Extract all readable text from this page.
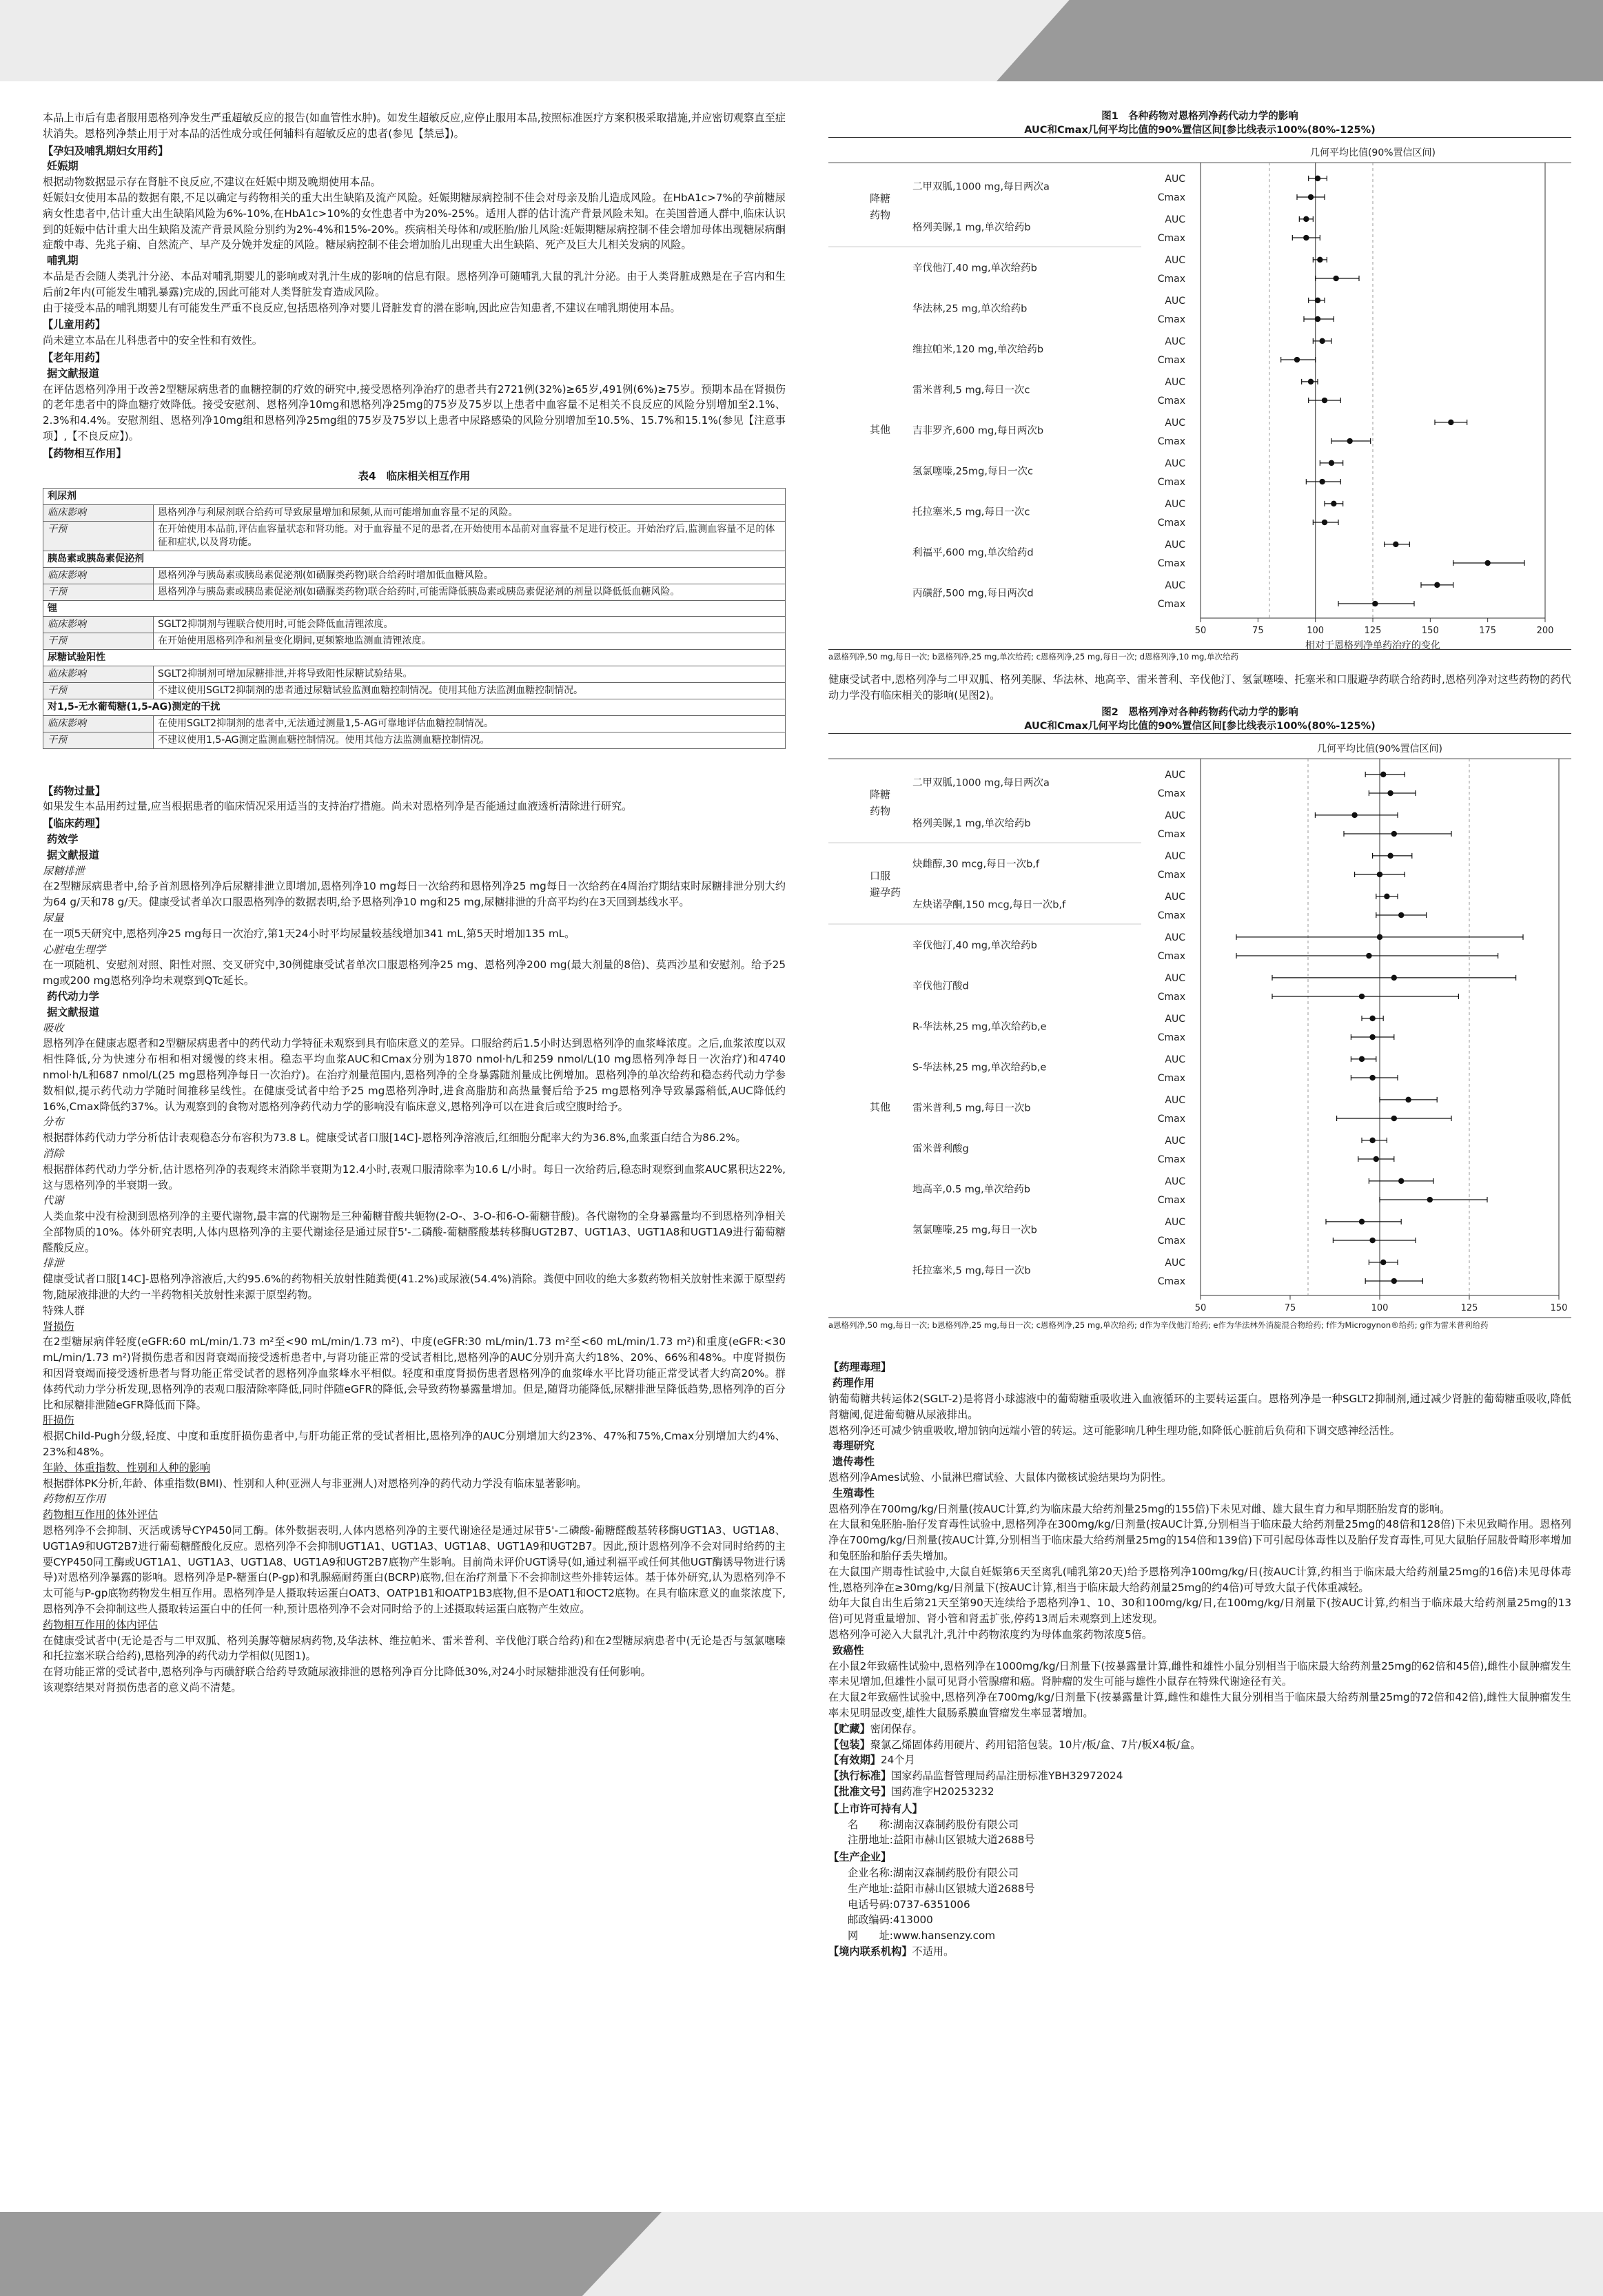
本品上市后有患者服用恩格列净发生严重超敏反应的报告(如血管性水肿)。如发生超敏反应,应停止服用本品,按照标准医疗方案积极采取措施,并应密切观察直至症状消失。恩格列净禁止用于对本品的活性成分或任何辅料有超敏反应的患者(参见【禁忌】)。

【孕妇及哺乳期妇女用药】

妊娠期

根据动物数据显示存在肾脏不良反应,不建议在妊娠中期及晚期使用本品。

妊娠妇女使用本品的数据有限,不足以确定与药物相关的重大出生缺陷及流产风险。妊娠期糖尿病控制不佳会对母亲及胎儿造成风险。在HbA1c>7%的孕前糖尿病女性患者中,估计重大出生缺陷风险为6%-10%,在HbA1c>10%的女性患者中为20%-25%。适用人群的估计流产背景风险未知。在美国普通人群中,临床认识到的妊娠中估计重大出生缺陷及流产背景风险分别约为2%-4%和15%-20%。疾病相关母体和/或胚胎/胎儿风险:妊娠期糖尿病控制不佳会增加母体出现糖尿病酮症酸中毒、先兆子痫、自然流产、早产及分娩并发症的风险。糖尿病控制不佳会增加胎儿出现重大出生缺陷、死产及巨大儿相关发病的风险。

哺乳期

本品是否会随人类乳汁分泌、本品对哺乳期婴儿的影响或对乳汁生成的影响的信息有限。恩格列净可随哺乳大鼠的乳汁分泌。由于人类肾脏成熟是在子宫内和生后前2年内(可能发生哺乳暴露)完成的,因此可能对人类肾脏发育造成风险。

由于接受本品的哺乳期婴儿有可能发生严重不良反应,包括恩格列净对婴儿肾脏发育的潜在影响,因此应告知患者,不建议在哺乳期使用本品。

【儿童用药】

尚未建立本品在儿科患者中的安全性和有效性。

【老年用药】

据文献报道

在评估恩格列净用于改善2型糖尿病患者的血糖控制的疗效的研究中,接受恩格列净治疗的患者共有2721例(32%)≥65岁,491例(6%)≥75岁。预期本品在肾损伤的老年患者中的降血糖疗效降低。接受安慰剂、恩格列净10mg和恩格列净25mg的75岁及75岁以上患者中血容量不足相关不良反应的风险分别增加至2.1%、2.3%和4.4%。安慰剂组、恩格列净10mg组和恩格列净25mg组的75岁及75岁以上患者中尿路感染的风险分别增加至10.5%、15.7%和15.1%(参见【注意事项】,【不良反应】)。

【药物相互作用】

表4　临床相关相互作用

利尿剂	
临床影响	恩格列净与利尿剂联合给药可导致尿量增加和尿频,从而可能增加血容量不足的风险。
干预	在开始使用本品前,评估血容量状态和肾功能。对于血容量不足的患者,在开始使用本品前对血容量不足进行校正。开始治疗后,监测血容量不足的体征和症状,以及肾功能。
胰岛素或胰岛素促泌剂	
临床影响	恩格列净与胰岛素或胰岛素促泌剂(如磺脲类药物)联合给药时增加低血糖风险。
干预	恩格列净与胰岛素或胰岛素促泌剂(如磺脲类药物)联合给药时,可能需降低胰岛素或胰岛素促泌剂的剂量以降低低血糖风险。
锂	
临床影响	SGLT2抑制剂与锂联合使用时,可能会降低血清锂浓度。
干预	在开始使用恩格列净和剂量变化期间,更频繁地监测血清锂浓度。
尿糖试验阳性	
临床影响	SGLT2抑制剂可增加尿糖排泄,并将导致阳性尿糖试验结果。
干预	不建议使用SGLT2抑制剂的患者通过尿糖试验监测血糖控制情况。使用其他方法监测血糖控制情况。
对1,5-无水葡萄糖(1,5-AG)测定的干扰	
临床影响	在使用SGLT2抑制剂的患者中,无法通过测量1,5-AG可靠地评估血糖控制情况。
干预	不建议使用1,5-AG测定监测血糖控制情况。使用其他方法监测血糖控制情况。

【药物过量】

如果发生本品用药过量,应当根据患者的临床情况采用适当的支持治疗措施。尚未对恩格列净是否能通过血液透析清除进行研究。

【临床药理】

药效学

据文献报道

尿糖排泄

在2型糖尿病患者中,给予首剂恩格列净后尿糖排泄立即增加,恩格列净10 mg每日一次给药和恩格列净25 mg每日一次给药在4周治疗期结束时尿糖排泄分别大约为64 g/天和78 g/天。健康受试者单次口服恩格列净的数据表明,给予恩格列净10 mg和25 mg,尿糖排泄的升高平均约在3天回到基线水平。

尿量

在一项5天研究中,恩格列净25 mg每日一次治疗,第1天24小时平均尿量较基线增加341 mL,第5天时增加135 mL。

心脏电生理学

在一项随机、安慰剂对照、阳性对照、交叉研究中,30例健康受试者单次口服恩格列净25 mg、恩格列净200 mg(最大剂量的8倍)、莫西沙星和安慰剂。给予25 mg或200 mg恩格列净均未观察到QTc延长。

药代动力学

据文献报道

吸收

恩格列净在健康志愿者和2型糖尿病患者中的药代动力学特征未观察到具有临床意义的差异。口服给药后1.5小时达到恩格列净的血浆峰浓度。之后,血浆浓度以双相性降低,分为快速分布相和相对缓慢的终末相。稳态平均血浆AUC和Cmax分别为1870 nmol·h/L和259 nmol/L(10 mg恩格列净每日一次治疗)和4740 nmol·h/L和687 nmol/L(25 mg恩格列净每日一次治疗)。在治疗剂量范围内,恩格列净的全身暴露随剂量成比例增加。恩格列净的单次给药和稳态药代动力学参数相似,提示药代动力学随时间推移呈线性。在健康受试者中给予25 mg恩格列净时,进食高脂肪和高热量餐后给予25 mg恩格列净导致暴露稍低,AUC降低约16%,Cmax降低约37%。认为观察到的食物对恩格列净药代动力学的影响没有临床意义,恩格列净可以在进食后或空腹时给予。

分布

根据群体药代动力学分析估计表观稳态分布容积为73.8 L。健康受试者口服[14C]-恩格列净溶液后,红细胞分配率大约为36.8%,血浆蛋白结合为86.2%。

消除

根据群体药代动力学分析,估计恩格列净的表观终末消除半衰期为12.4小时,表观口服清除率为10.6 L/小时。每日一次给药后,稳态时观察到血浆AUC累积达22%,这与恩格列净的半衰期一致。

代谢

人类血浆中没有检测到恩格列净的主要代谢物,最丰富的代谢物是三种葡糖苷酸共轭物(2-O-、3-O-和6-O-葡糖苷酸)。各代谢物的全身暴露量均不到恩格列净相关全部物质的10%。体外研究表明,人体内恩格列净的主要代谢途径是通过尿苷5'-二磷酸-葡糖醛酸基转移酶UGT2B7、UGT1A3、UGT1A8和UGT1A9进行葡萄糖醛酸反应。

排泄

健康受试者口服[14C]-恩格列净溶液后,大约95.6%的药物相关放射性随粪便(41.2%)或尿液(54.4%)消除。粪便中回收的绝大多数药物相关放射性来源于原型药物,随尿液排泄的大约一半药物相关放射性来源于原型药物。

特殊人群

肾损伤

在2型糖尿病伴轻度(eGFR:60 mL/min/1.73 m²至<90 mL/min/1.73 m²)、中度(eGFR:30 mL/min/1.73 m²至<60 mL/min/1.73 m²)和重度(eGFR:<30 mL/min/1.73 m²)肾损伤患者和因肾衰竭而接受透析患者中,与肾功能正常的受试者相比,恩格列净的AUC分别升高大约18%、20%、66%和48%。中度肾损伤和因肾衰竭而接受透析患者与肾功能正常受试者的恩格列净血浆峰水平相似。轻度和重度肾损伤患者恩格列净的血浆峰水平比肾功能正常受试者大约高20%。群体药代动力学分析发现,恩格列净的表观口服清除率降低,同时伴随eGFR的降低,会导致药物暴露量增加。但是,随肾功能降低,尿糖排泄呈降低趋势,恩格列净的百分比和尿糖排泄随eGFR降低而下降。

肝损伤

根据Child-Pugh分级,轻度、中度和重度肝损伤患者中,与肝功能正常的受试者相比,恩格列净的AUC分别增加大约23%、47%和75%,Cmax分别增加大约4%、23%和48%。

年龄、体重指数、性别和人种的影响

根据群体PK分析,年龄、体重指数(BMI)、性别和人种(亚洲人与非亚洲人)对恩格列净的药代动力学没有临床显著影响。

药物相互作用

药物相互作用的体外评估

恩格列净不会抑制、灭活或诱导CYP450同工酶。体外数据表明,人体内恩格列净的主要代谢途径是通过尿苷5'-二磷酸-葡糖醛酸基转移酶UGT1A3、UGT1A8、UGT1A9和UGT2B7进行葡萄糖醛酸化反应。恩格列净不会抑制UGT1A1、UGT1A3、UGT1A8、UGT1A9和UGT2B7。因此,预计恩格列净不会对同时给药的主要CYP450同工酶或UGT1A1、UGT1A3、UGT1A8、UGT1A9和UGT2B7底物产生影响。目前尚未评价UGT诱导(如,通过利福平或任何其他UGT酶诱导物进行诱导)对恩格列净暴露的影响。恩格列净是P-糖蛋白(P-gp)和乳腺癌耐药蛋白(BCRP)底物,但在治疗剂量下不会抑制这些外排转运体。基于体外研究,认为恩格列净不太可能与P-gp底物药物发生相互作用。恩格列净是人摄取转运蛋白OAT3、OATP1B1和OATP1B3底物,但不是OAT1和OCT2底物。在具有临床意义的血浆浓度下,恩格列净不会抑制这些人摄取转运蛋白中的任何一种,预计恩格列净不会对同时给予的上述摄取转运蛋白底物产生效应。

药物相互作用的体内评估

在健康受试者中(无论是否与二甲双胍、格列美脲等糖尿病药物,及华法林、维拉帕米、雷米普利、辛伐他汀联合给药)和在2型糖尿病患者中(无论是否与氢氯噻嗪和托拉塞米联合给药),恩格列净的药代动力学相似(见图1)。

在肾功能正常的受试者中,恩格列净与丙磺舒联合给药导致随尿液排泄的恩格列净百分比降低30%,对24小时尿糖排泄没有任何影响。

该观察结果对肾损伤患者的意义尚不清楚。

图1　各种药物对恩格列净药代动力学的影响

AUC和Cmax几何平均比值的90%置信区间[参比线表示100%(80%-125%)

几何平均比值(90%置信区间)
50	75	100	125	150	175	200
相对于恩格列净单药治疗的变化
降糖
药物
其他
二甲双胍,1000 mg,每日两次a
AUC
Cmax
格列美脲,1 mg,单次给药b
AUC
Cmax
辛伐他汀,40 mg,单次给药b
AUC
Cmax
华法林,25 mg,单次给药b
AUC
Cmax
维拉帕米,120 mg,单次给药b
AUC
Cmax
雷米普利,5 mg,每日一次c
AUC
Cmax
吉非罗齐,600 mg,每日两次b
AUC
Cmax
氢氯噻嗪,25mg,每日一次c
AUC
Cmax
托拉塞米,5 mg,每日一次c
AUC
Cmax
利福平,600 mg,单次给药d
AUC
Cmax
丙磺舒,500 mg,每日两次d
AUC
Cmax

a恩格列净,50 mg,每日一次; b恩格列净,25 mg,单次给药; c恩格列净,25 mg,每日一次; d恩格列净,10 mg,单次给药

健康受试者中,恩格列净与二甲双胍、格列美脲、华法林、地高辛、雷米普利、辛伐他汀、氢氯噻嗪、托塞米和口服避孕药联合给药时,恩格列净对这些药物的药代动力学没有临床相关的影响(见图2)。

图2　恩格列净对各种药物药代动力学的影响

AUC和Cmax几何平均比值的90%置信区间[参比线表示100%(80%-125%)

几何平均比值(90%置信区间)
50	75	100	125	150
降糖
药物
口服
避孕药
其他
二甲双胍,1000 mg,每日两次a
AUC
Cmax
格列美脲,1 mg,单次给药b
AUC
Cmax
炔雌醇,30 mcg,每日一次b,f
AUC
Cmax
左炔诺孕酮,150 mcg,每日一次b,f
AUC
Cmax
辛伐他汀,40 mg,单次给药b
AUC
Cmax
辛伐他汀酸d
AUC
Cmax
R-华法林,25 mg,单次给药b,e
AUC
Cmax
S-华法林,25 mg,单次给药b,e
AUC
Cmax
雷米普利,5 mg,每日一次b
AUC
Cmax
雷米普利酸g
AUC
Cmax
地高辛,0.5 mg,单次给药b
AUC
Cmax
氢氯噻嗪,25 mg,每日一次b
AUC
Cmax
托拉塞米,5 mg,每日一次b
AUC
Cmax

a恩格列净,50 mg,每日一次; b恩格列净,25 mg,每日一次; c恩格列净,25 mg,单次给药; d作为辛伐他汀给药; e作为华法林外消旋混合物给药; f作为Microgynon®给药; g作为雷米普利给药

【药理毒理】

药理作用

钠葡萄糖共转运体2(SGLT-2)是将肾小球滤液中的葡萄糖重吸收进入血液循环的主要转运蛋白。恩格列净是一种SGLT2抑制剂,通过减少肾脏的葡萄糖重吸收,降低肾糖阈,促进葡萄糖从尿液排出。

恩格列净还可减少钠重吸收,增加钠向远端小管的转运。这可能影响几种生理功能,如降低心脏前后负荷和下调交感神经活性。

毒理研究

遗传毒性

恩格列净Ames试验、小鼠淋巴瘤试验、大鼠体内微核试验结果均为阴性。

生殖毒性

恩格列净在700mg/kg/日剂量(按AUC计算,约为临床最大给药剂量25mg的155倍)下未见对雌、雄大鼠生育力和早期胚胎发育的影响。

在大鼠和兔胚胎-胎仔发育毒性试验中,恩格列净在300mg/kg/日剂量(按AUC计算,分别相当于临床最大给药剂量25mg的48倍和128倍)下未见致畸作用。恩格列净在700mg/kg/日剂量(按AUC计算,分别相当于临床最大给药剂量25mg的154倍和139倍)下可引起母体毒性以及胎仔发育毒性,可见大鼠胎仔屈肢骨畸形率增加和兔胚胎和胎仔丢失增加。

在大鼠围产期毒性试验中,大鼠自妊娠第6天至离乳(哺乳第20天)给予恩格列净100mg/kg/日(按AUC计算,约相当于临床最大给药剂量25mg的16倍)未见母体毒性,恩格列净在≥30mg/kg/日剂量下(按AUC计算,相当于临床最大给药剂量25mg的约4倍)可导致大鼠子代体重减轻。

幼年大鼠自出生后第21天至第90天连续给予恩格列净1、10、30和100mg/kg/日,在100mg/kg/日剂量下(按AUC计算,约相当于临床最大给药剂量25mg的13倍)可见肾重量增加、肾小管和肾盂扩张,停药13周后未观察到上述发现。

恩格列净可泌入大鼠乳汁,乳汁中药物浓度约为母体血浆药物浓度5倍。

致癌性

在小鼠2年致癌性试验中,恩格列净在1000mg/kg/日剂量下(按暴露量计算,雌性和雄性小鼠分别相当于临床最大给药剂量25mg的62倍和45倍),雌性小鼠肿瘤发生率未见增加,但雄性小鼠可见肾小管腺瘤和癌。肾肿瘤的发生可能与雄性小鼠存在特殊代谢途径有关。

在大鼠2年致癌性试验中,恩格列净在700mg/kg/日剂量下(按暴露量计算,雌性和雄性大鼠分别相当于临床最大给药剂量25mg的72倍和42倍),雌性大鼠肿瘤发生率未见明显改变,雄性大鼠肠系膜血管瘤发生率显著增加。

【贮藏】密闭保存。

【包装】聚氯乙烯固体药用硬片、药用铝箔包装。10片/板/盒、7片/板X4板/盒。

【有效期】24个月

【执行标准】国家药品监督管理局药品注册标准YBH32972024

【批准文号】国药准字H20253232

【上市许可持有人】

名　　称:湖南汉森制药股份有限公司

注册地址:益阳市赫山区银城大道2688号

【生产企业】

企业名称:湖南汉森制药股份有限公司

生产地址:益阳市赫山区银城大道2688号

电话号码:0737-6351006

邮政编码:413000

网　　址:www.hansenzy.com

【境内联系机构】不适用。
